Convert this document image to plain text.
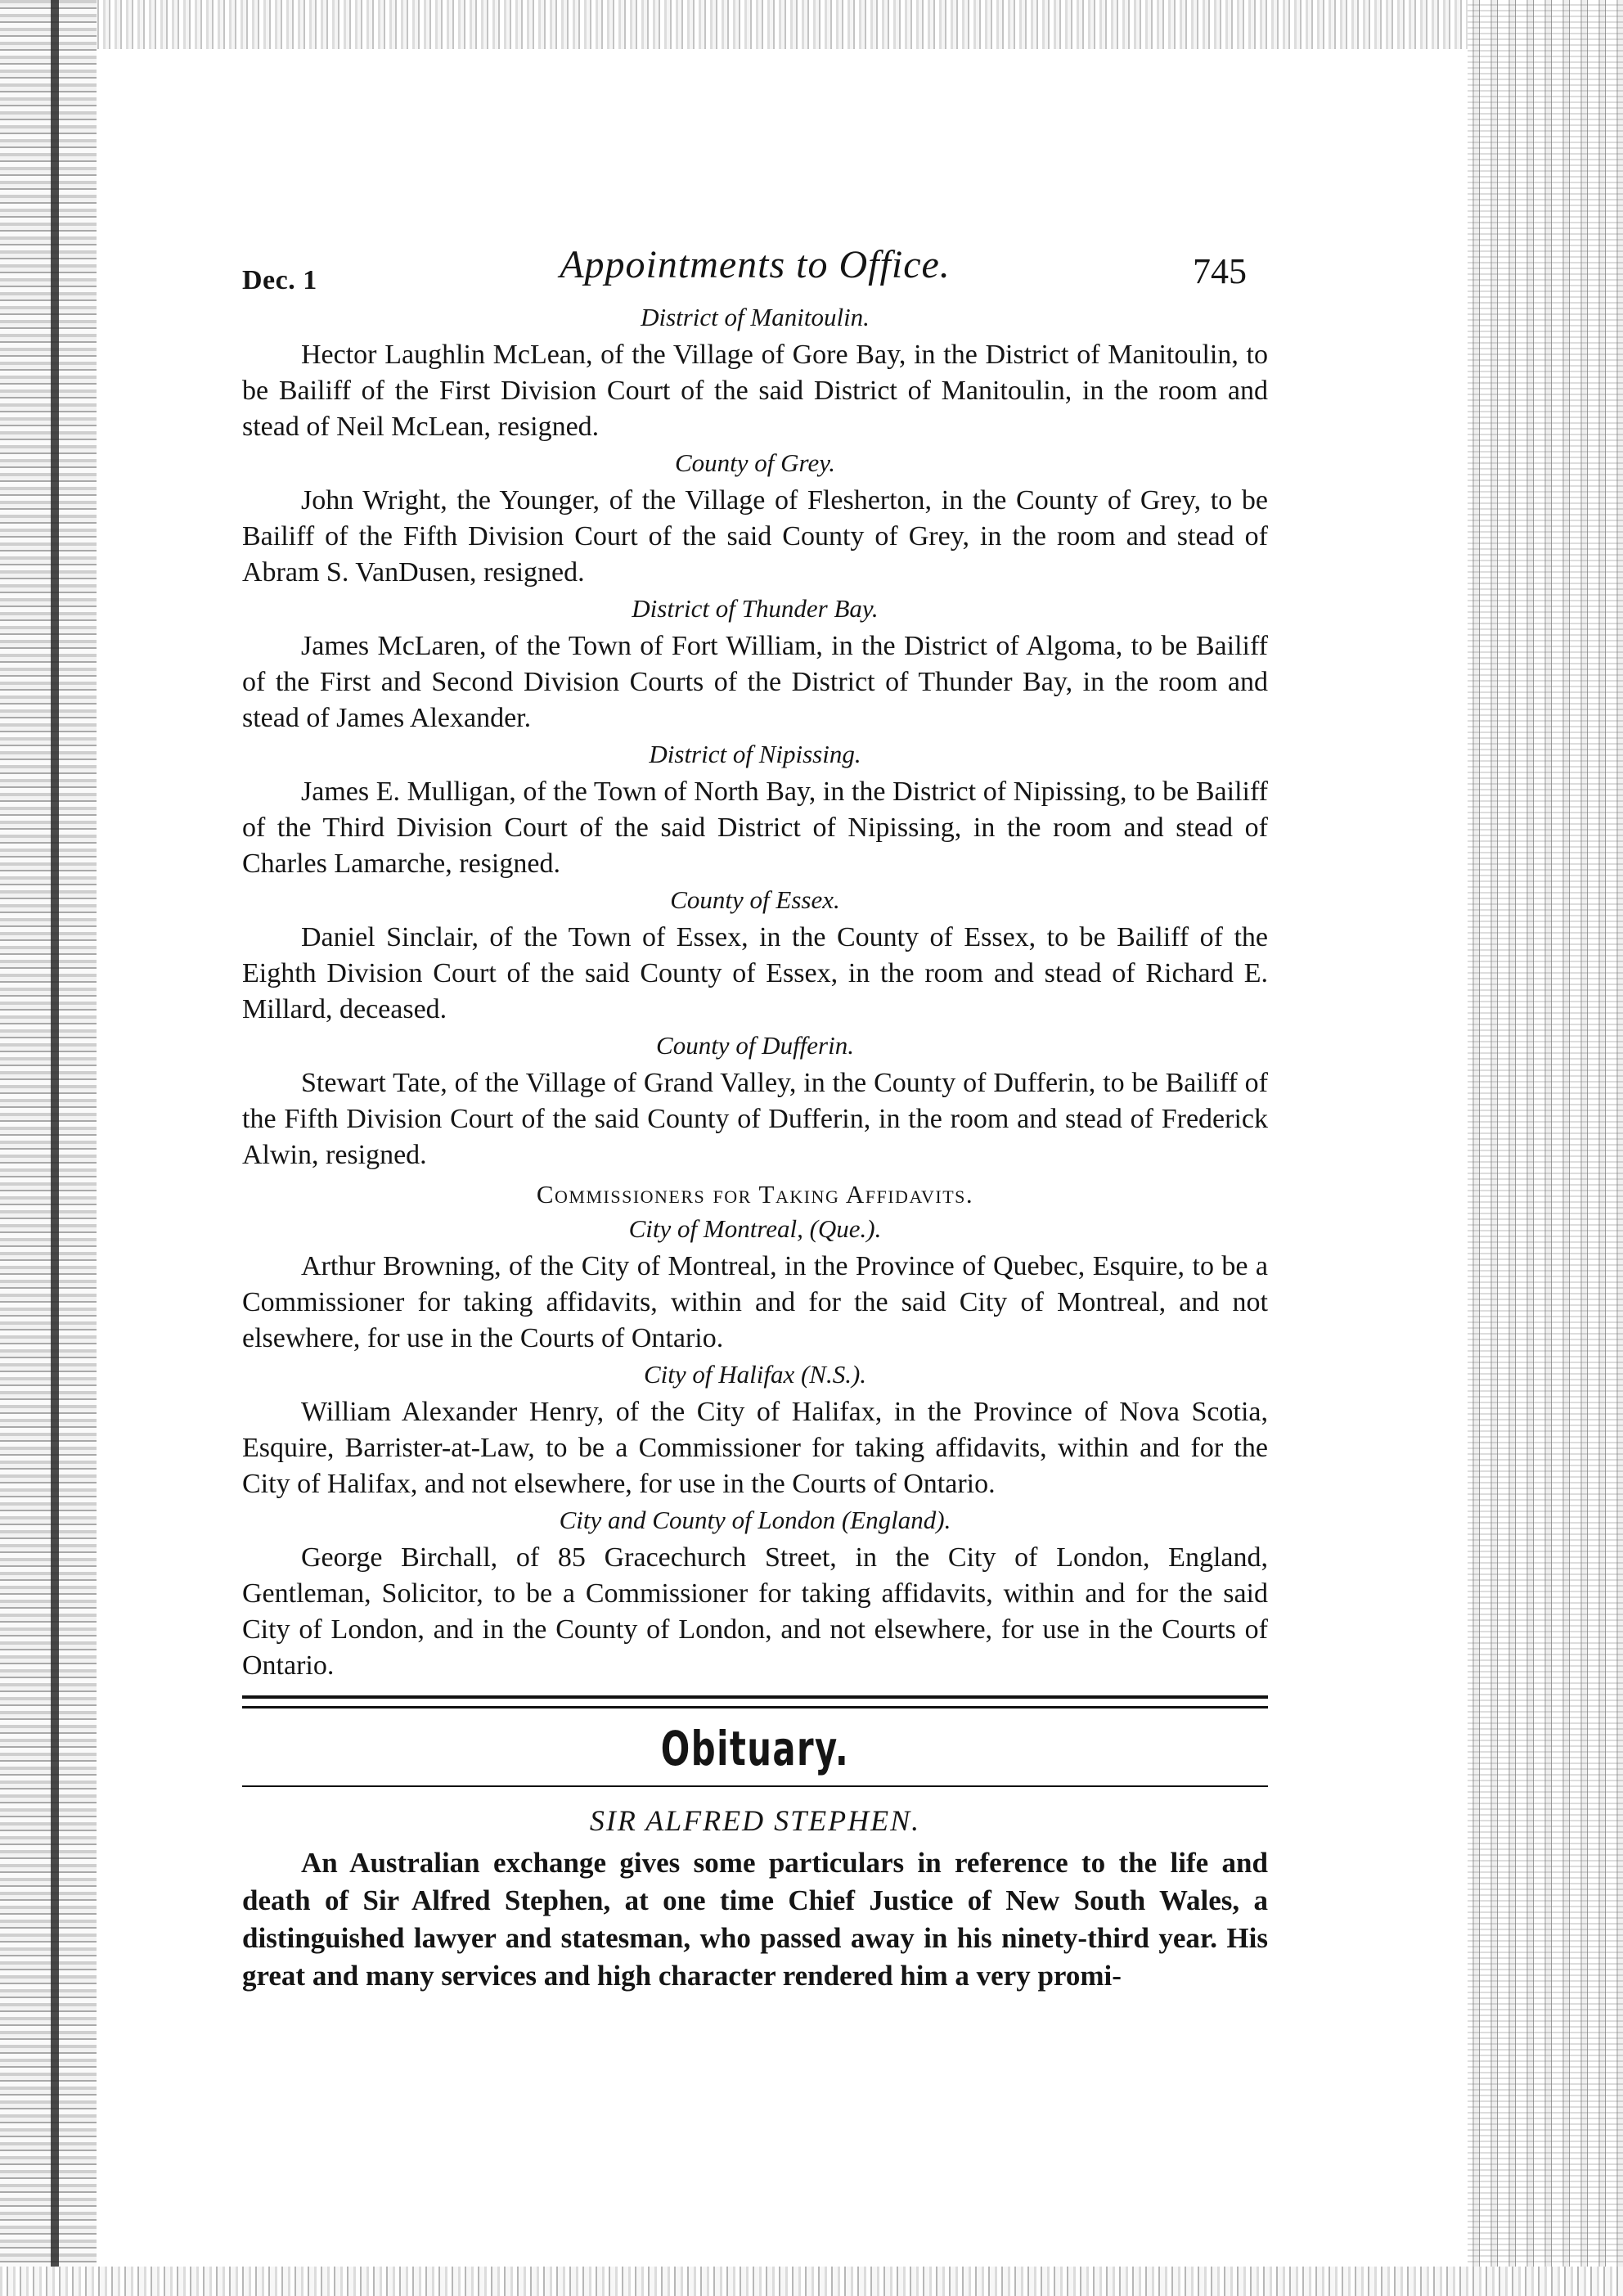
Dec. 1	Appointments to Office.	745
District of Manitoulin.

Hector Laughlin McLean, of the Village of Gore Bay, in the District of Manitoulin, to be Bailiff of the First Division Court of the said District of Manitoulin, in the room and stead of Neil McLean, resigned.

County of Grey.

John Wright, the Younger, of the Village of Flesherton, in the County of Grey, to be Bailiff of the Fifth Division Court of the said County of Grey, in the room and stead of Abram S. VanDusen, resigned.

District of Thunder Bay.

James McLaren, of the Town of Fort William, in the District of Algoma, to be Bailiff of the First and Second Division Courts of the District of Thunder Bay, in the room and stead of James Alexander.

District of Nipissing.

James E. Mulligan, of the Town of North Bay, in the District of Nipissing, to be Bailiff of the Third Division Court of the said District of Nipissing, in the room and stead of Charles Lamarche, resigned.

County of Essex.

Daniel Sinclair, of the Town of Essex, in the County of Essex, to be Bailiff of the Eighth Division Court of the said County of Essex, in the room and stead of Richard E. Millard, deceased.

County of Dufferin.

Stewart Tate, of the Village of Grand Valley, in the County of Dufferin, to be Bailiff of the Fifth Division Court of the said County of Dufferin, in the room and stead of Frederick Alwin, resigned.

Commissioners for Taking Affidavits.
City of Montreal, (Que.).

Arthur Browning, of the City of Montreal, in the Province of Quebec, Esquire, to be a Commissioner for taking affidavits, within and for the said City of Montreal, and not elsewhere, for use in the Courts of Ontario.

City of Halifax (N.S.).

William Alexander Henry, of the City of Halifax, in the Province of Nova Scotia, Esquire, Barrister-at-Law, to be a Commissioner for taking affidavits, within and for the City of Halifax, and not elsewhere, for use in the Courts of Ontario.

City and County of London (England).

George Birchall, of 85 Gracechurch Street, in the City of London, England, Gentleman, Solicitor, to be a Commissioner for taking affidavits, within and for the said City of London, and in the County of London, and not elsewhere, for use in the Courts of Ontario.

Obituary.
SIR ALFRED STEPHEN.

An Australian exchange gives some particulars in reference to the life and death of Sir Alfred Stephen, at one time Chief Justice of New South Wales, a distinguished lawyer and statesman, who passed away in his ninety-third year. His great and many services and high character rendered him a very promi-
